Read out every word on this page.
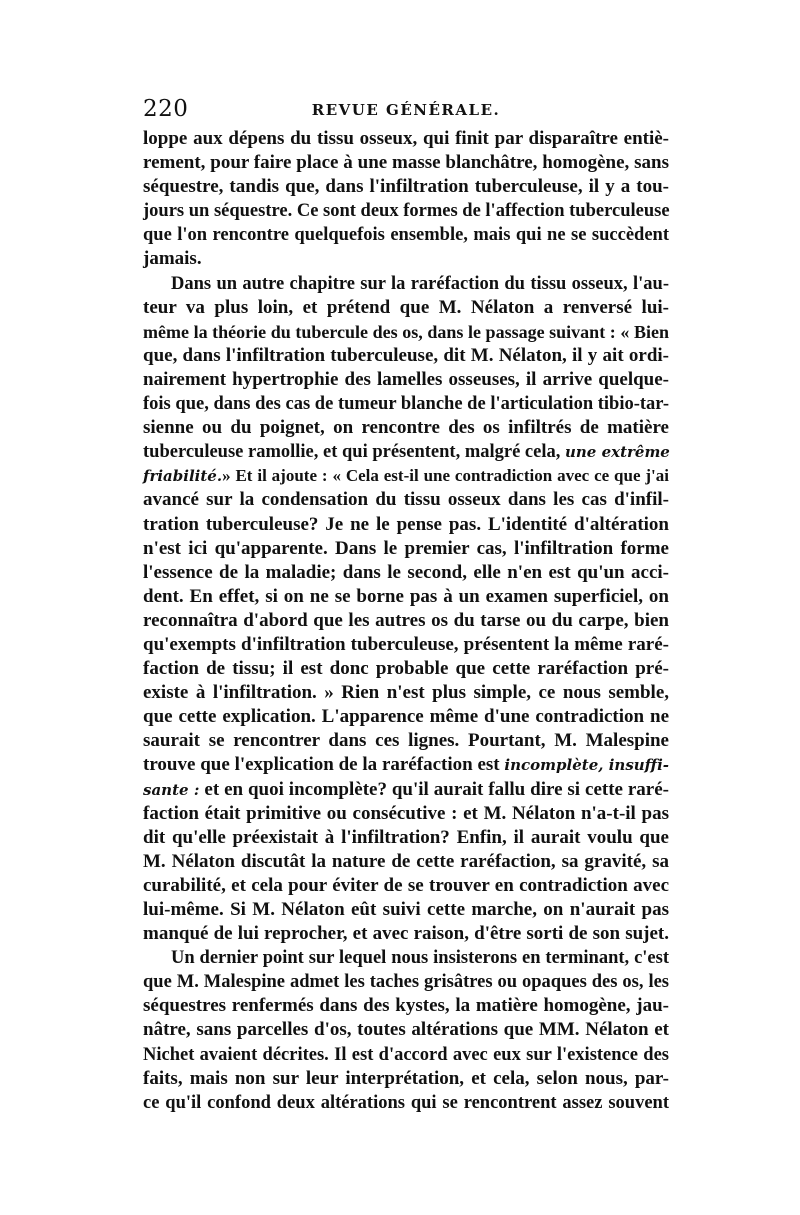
220	REVUE GÉNÉRALE.
loppe aux dépens du tissu osseux, qui finit par disparaître entiè-
rement, pour faire place à une masse blanchâtre, homogène, sans
séquestre, tandis que, dans l'infiltration tuberculeuse, il y a tou-
jours un séquestre. Ce sont deux formes de l'affection tuberculeuse
que l'on rencontre quelquefois ensemble, mais qui ne se succèdent
jamais.
Dans un autre chapitre sur la raréfaction du tissu osseux, l'au-
teur va plus loin, et prétend que M. Nélaton a renversé lui-
même la théorie du tubercule des os, dans le passage suivant : « Bien
que, dans l'infiltration tuberculeuse, dit M. Nélaton, il y ait ordi-
nairement hypertrophie des lamelles osseuses, il arrive quelque-
fois que, dans des cas de tumeur blanche de l'articulation tibio-tar-
sienne ou du poignet, on rencontre des os infiltrés de matière
tuberculeuse ramollie, et qui présentent, malgré cela, une extrême
friabilité.» Et il ajoute : « Cela est-il une contradiction avec ce que j'ai
avancé sur la condensation du tissu osseux dans les cas d'infil-
tration tuberculeuse? Je ne le pense pas. L'identité d'altération
n'est ici qu'apparente. Dans le premier cas, l'infiltration forme
l'essence de la maladie; dans le second, elle n'en est qu'un acci-
dent. En effet, si on ne se borne pas à un examen superficiel, on
reconnaîtra d'abord que les autres os du tarse ou du carpe, bien
qu'exempts d'infiltration tuberculeuse, présentent la même raré-
faction de tissu; il est donc probable que cette raréfaction pré-
existe à l'infiltration. » Rien n'est plus simple, ce nous semble,
que cette explication. L'apparence même d'une contradiction ne
saurait se rencontrer dans ces lignes. Pourtant, M. Malespine
trouve que l'explication de la raréfaction est incomplète, insuffi-
sante : et en quoi incomplète? qu'il aurait fallu dire si cette raré-
faction était primitive ou consécutive : et M. Nélaton n'a-t-il pas
dit qu'elle préexistait à l'infiltration? Enfin, il aurait voulu que
M. Nélaton discutât la nature de cette raréfaction, sa gravité, sa
curabilité, et cela pour éviter de se trouver en contradiction avec
lui-même. Si M. Nélaton eût suivi cette marche, on n'aurait pas
manqué de lui reprocher, et avec raison, d'être sorti de son sujet.
Un dernier point sur lequel nous insisterons en terminant, c'est
que M. Malespine admet les taches grisâtres ou opaques des os, les
séquestres renfermés dans des kystes, la matière homogène, jau-
nâtre, sans parcelles d'os, toutes altérations que MM. Nélaton et
Nichet avaient décrites. Il est d'accord avec eux sur l'existence des
faits, mais non sur leur interprétation, et cela, selon nous, par-
ce qu'il confond deux altérations qui se rencontrent assez souvent
